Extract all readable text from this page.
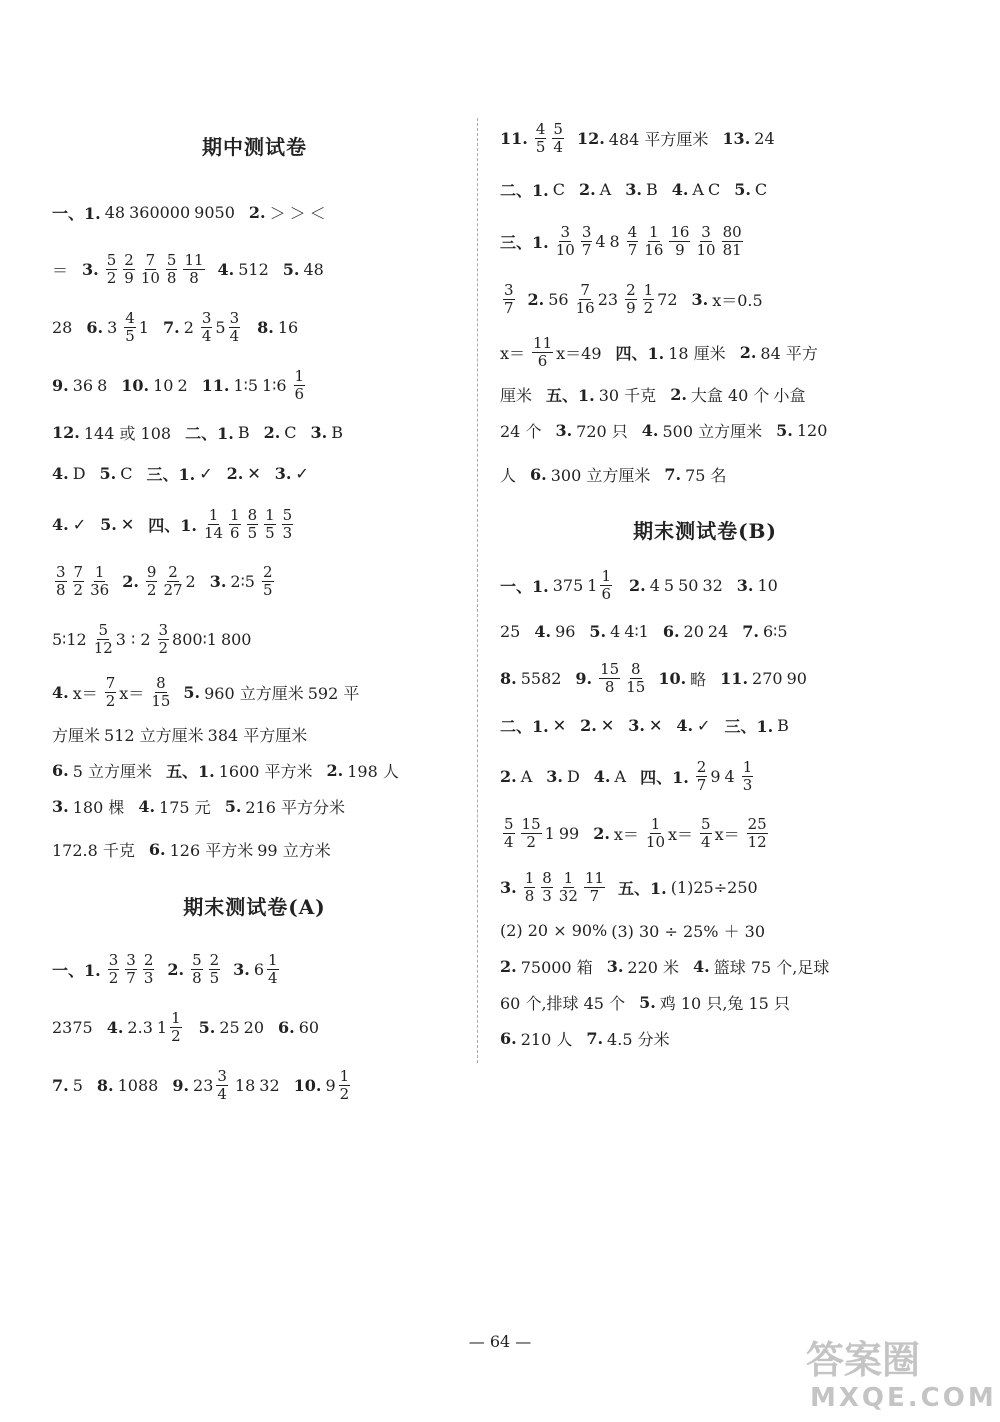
期中测试卷
一、1. 48 360000 9050 2. ＞ ＞ ＜
＝ 3. $\frac{5}{2} \frac{2}{9} \frac{7}{10} \frac{5}{8} \frac{11}{8} 4$. 512 5. 48
28 6. $3 \frac{4}{5} 1$ 7. $2 \frac{3}{4} 5 \frac{3}{4} 8$. 16
9. 36 8 10. 10 2 11. 1∶5 1∶6 $\frac{1}{6}$
12. 144 或 108 二、1. B 2. C 3. B
4. D 5. C 三、1. ✓ 2. ✕ 3. ✓
4. ✓ 5. ✕ 四、1. $\frac{1}{14} \frac{1}{6} \frac{8}{5} \frac{1}{5} \frac{5}{3}$
$\frac{3}{8} \frac{7}{2} \frac{1}{36} 2$. $\frac{9}{2} \frac{2}{27} 2$ 3. 2∶5 $\frac{2}{5}$
5∶12 $\frac{5}{12} 3$ ∶ $2 \frac{3}{2}$ 800∶1 800
4. $x= \frac{7}{2} x= \frac{8}{15} 5$. 960 立方厘米 592 平
方厘米 512 立方厘米 384 平方厘米
6. 5 立方厘米 五、1. 1600 平方米 2. 198 人
3. 180 棵 4. 175 元 5. 216 平方分米
172.8 千克 6. 126 平方米 99 立方米
期末测试卷(A)
一、1. $\frac{3}{2} \frac{3}{7} \frac{2}{3} 2$. $\frac{5}{8} \frac{2}{5} 3$. $6 \frac{1}{4}$
2375 4. 2.3 $1 \frac{1}{2} 5$. 25 20 6. 60
7. 5 8. 1088 9. $23 \frac{3}{4} 18$ 32 10. $9 \frac{1}{2}$
11. $\frac{4}{5} \frac{5}{4} 12$. 484 平方厘米 13. 24
二、1. C 2. A 3. B 4. A C 5. C
三、1. $\frac{3}{10} \frac{3}{7} 4$ $8 \frac{4}{7} \frac{1}{16} \frac{16}{9} \frac{3}{10} \frac{80}{81}$
$\frac{3}{7} 2$. $56 \frac{7}{16} 23 \frac{2}{9} \frac{1}{2} 72$ 3. x＝0.5
$x= \frac{11}{6} x=49$ 四、1. 18 厘米 2. 84 平方
厘米 五、1. 30 千克 2. 大盒 40 个 小盒
24 个 3. 720 只 4. 500 立方厘米 5. 120
人 6. 300 立方厘米 7. 75 名
期末测试卷(B)
一、1. 375 $1 \frac{1}{6} 2$. 4 5 50 32 3. 10
25 4. 96 5. 4 4∶1 6. 20 24 7. 6∶5
8. 5582 9. $\frac{15}{8} \frac{8}{15} 10$. 略 11. 270 90
二、1. ✕ 2. ✕ 3. ✕ 4. ✓ 三、1. B
2. A 3. D 4. A 四、1. $\frac{2}{7} 9$ $4 \frac{1}{3}$
$\frac{5}{4} \frac{15}{2} 1$ 99 2. $x= \frac{1}{10} x= \frac{5}{4} x= \frac{25}{12}$
3. $\frac{1}{8} \frac{8}{3} \frac{1}{32} \frac{11}{7}$ 五、1. (1)25÷250
(2) 20 × 90% (3) 30 ÷ 25% ＋ 30
2. 75000 箱 3. 220 米 4. 篮球 75 个,足球
60 个,排球 45 个 5. 鸡 10 只,兔 15 只
6. 210 人 7. 4.5 分米
— 64 —	答案圈
MXQE.COM
